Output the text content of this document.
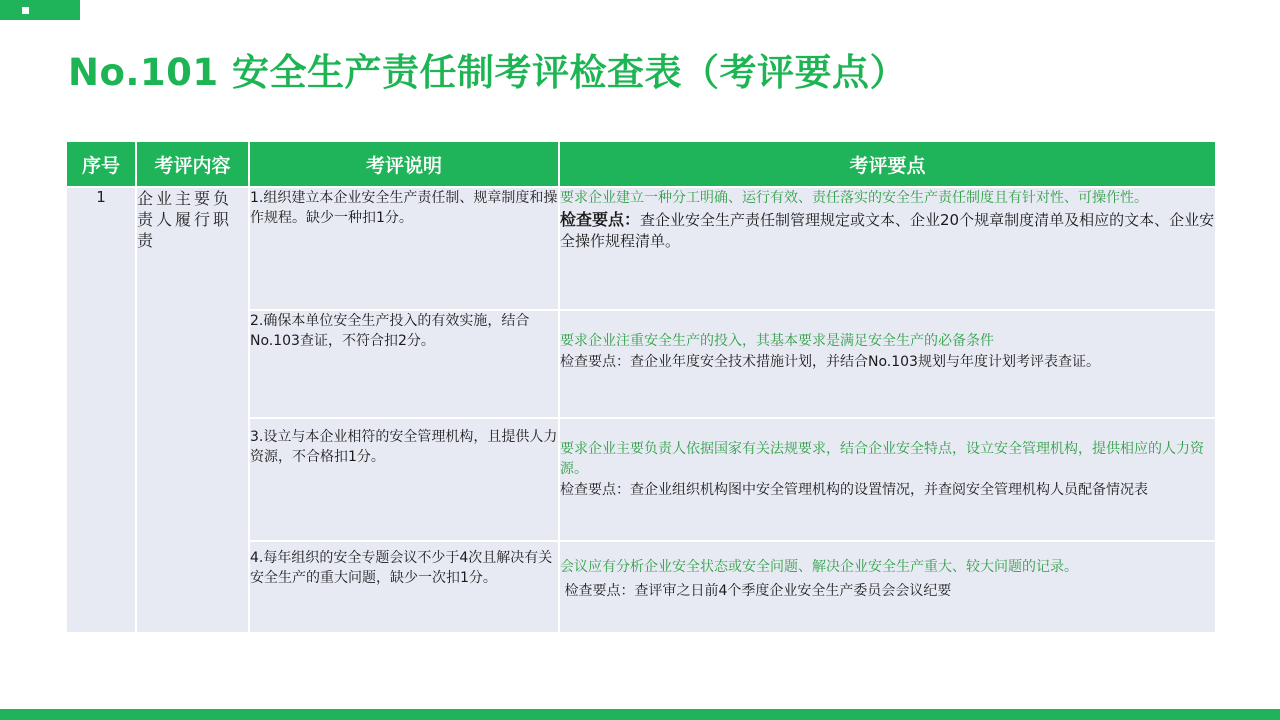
No.101 安全生产责任制考评检查表（考评要点）
序号	考评内容	考评说明	考评要点
1	企业主要负责人履行职责	1.组织建立本企业安全生产责任制、规章制度和操作规程。缺少一种扣1分。	要求企业建立一种分工明确、运行有效、责任落实的安全生产责任制度且有针对性、可操作性。
检查要点：查企业安全生产责任制管理规定或文本、企业20个规章制度清单及相应的文本、企业安全操作规程清单。

		2.确保本单位安全生产投入的有效实施，结合No.103查证，不符合扣2分。	要求企业注重安全生产的投入，其基本要求是满足安全生产的必备条件
检查要点：查企业年度安全技术措施计划，并结合No.103规划与年度计划考评表查证。

		3.设立与本企业相符的安全管理机构，且提供人力资源，不合格扣1分。	要求企业主要负责人依据国家有关法规要求，结合企业安全特点，设立安全管理机构，提供相应的人力资源。
检查要点：查企业组织机构图中安全管理机构的设置情况，并查阅安全管理机构人员配备情况表

		4.每年组织的安全专题会议不少于4次且解决有关安全生产的重大问题，缺少一次扣1分。	会议应有分析企业安全状态或安全问题、解决企业安全生产重大、较大问题的记录。
检查要点：查评审之日前4个季度企业安全生产委员会会议纪要
